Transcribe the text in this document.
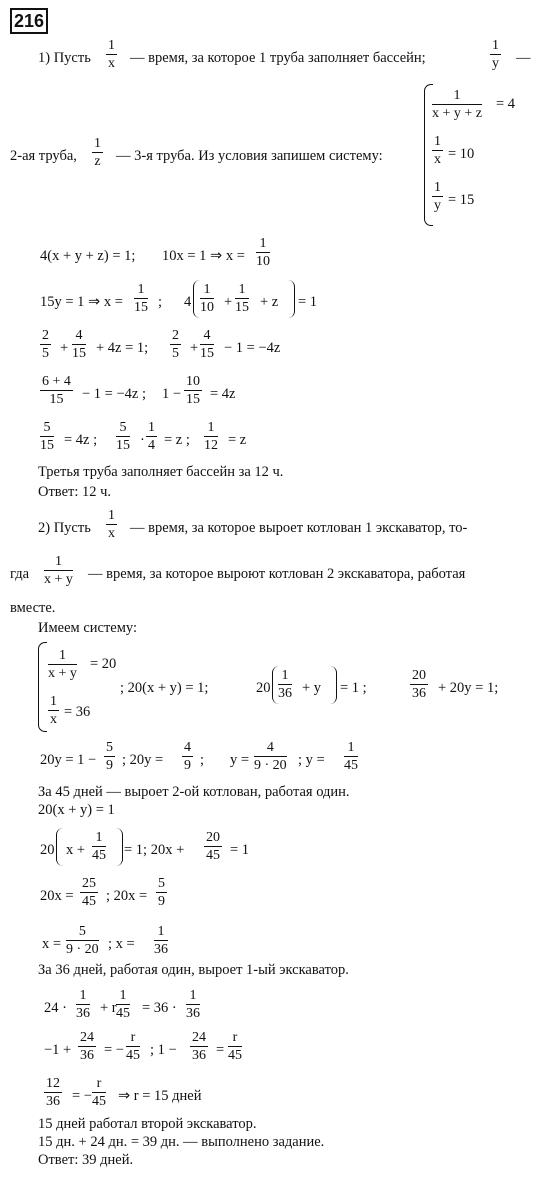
216
1) Пусть $\frac{1}{x}$ — время, за которое 1 труба заполняет бассейн;	$\frac{1}{y}$ —
2-ая труба, $\frac{1}{z}$ — 3-я труба. Из условия запишем систему:
$\frac{1}{x + y + z} = 4$
$\frac{1}{x} = 10$
$\frac{1}{y} = 15$
4(x + y + z) = 1; 10x = 1 ⇒ $x = \frac{1}{10}$
15y = 1 ⇒ $x = \frac{1}{15}$ ; $4 \frac{1}{10} + \frac{1}{15} + z = 1$
$\frac{2}{5} + \frac{4}{15} + 4z = 1$; $\frac{2}{5} + \frac{4}{15} - 1 = -4z$
$\frac{6 + 4}{15} - 1 = -4z$ ; $1 - \frac{10}{15} = 4z$
$\frac{5}{15} = 4z$ ; $\frac{5}{15} \cdot \frac{1}{4} = z$ ; $\frac{1}{12} = z$
Третья труба заполняет бассейн за 12 ч.
Ответ: 12 ч.
2) Пусть $\frac{1}{x}$ — время, за которое выроет котлован 1 экскаватор, то-
гда $\frac{1}{x + y}$ — время, за которое выроют котлован 2 экскаватора, работая
вместе.
Имеем систему:
$\frac{1}{x + y} = 20$
$\frac{1}{x} = 36$
; 20(x + y) = 1;	$20 \frac{1}{36} + y = 1$ ;	$\frac{20}{36} + 20y = 1$;
$20y = 1 - \frac{5}{9}$ ; $20y = \frac{4}{9}$ ; $y = \frac{4}{9 \cdot 20}$ ; $y = \frac{1}{45}$
За 45 дней — выроет 2-ой котлован, работая один.
20(x + y) = 1
20 $x + \frac{1}{45} = 1$; $20x + \frac{20}{45} = 1$
$20x = \frac{25}{45}$ ; $20x = \frac{5}{9}$
$x = \frac{5}{9 \cdot 20}$ ; $x = \frac{1}{36}$
За 36 дней, работая один, выроет 1-ый экскаватор.
$24 \cdot \frac{1}{36} + r \frac{1}{45} = 36 \cdot \frac{1}{36}$
$-1 + \frac{24}{36}$ = − $\frac{r}{45}$ ; $1 - \frac{24}{36} = \frac{r}{45}$
$\frac{12}{36}$ = − $\frac{r}{45}$ ⇒ r = 15 дней
15 дней работал второй экскаватор.
15 дн. + 24 дн. = 39 дн. — выполнено задание.
Ответ: 39 дней.
